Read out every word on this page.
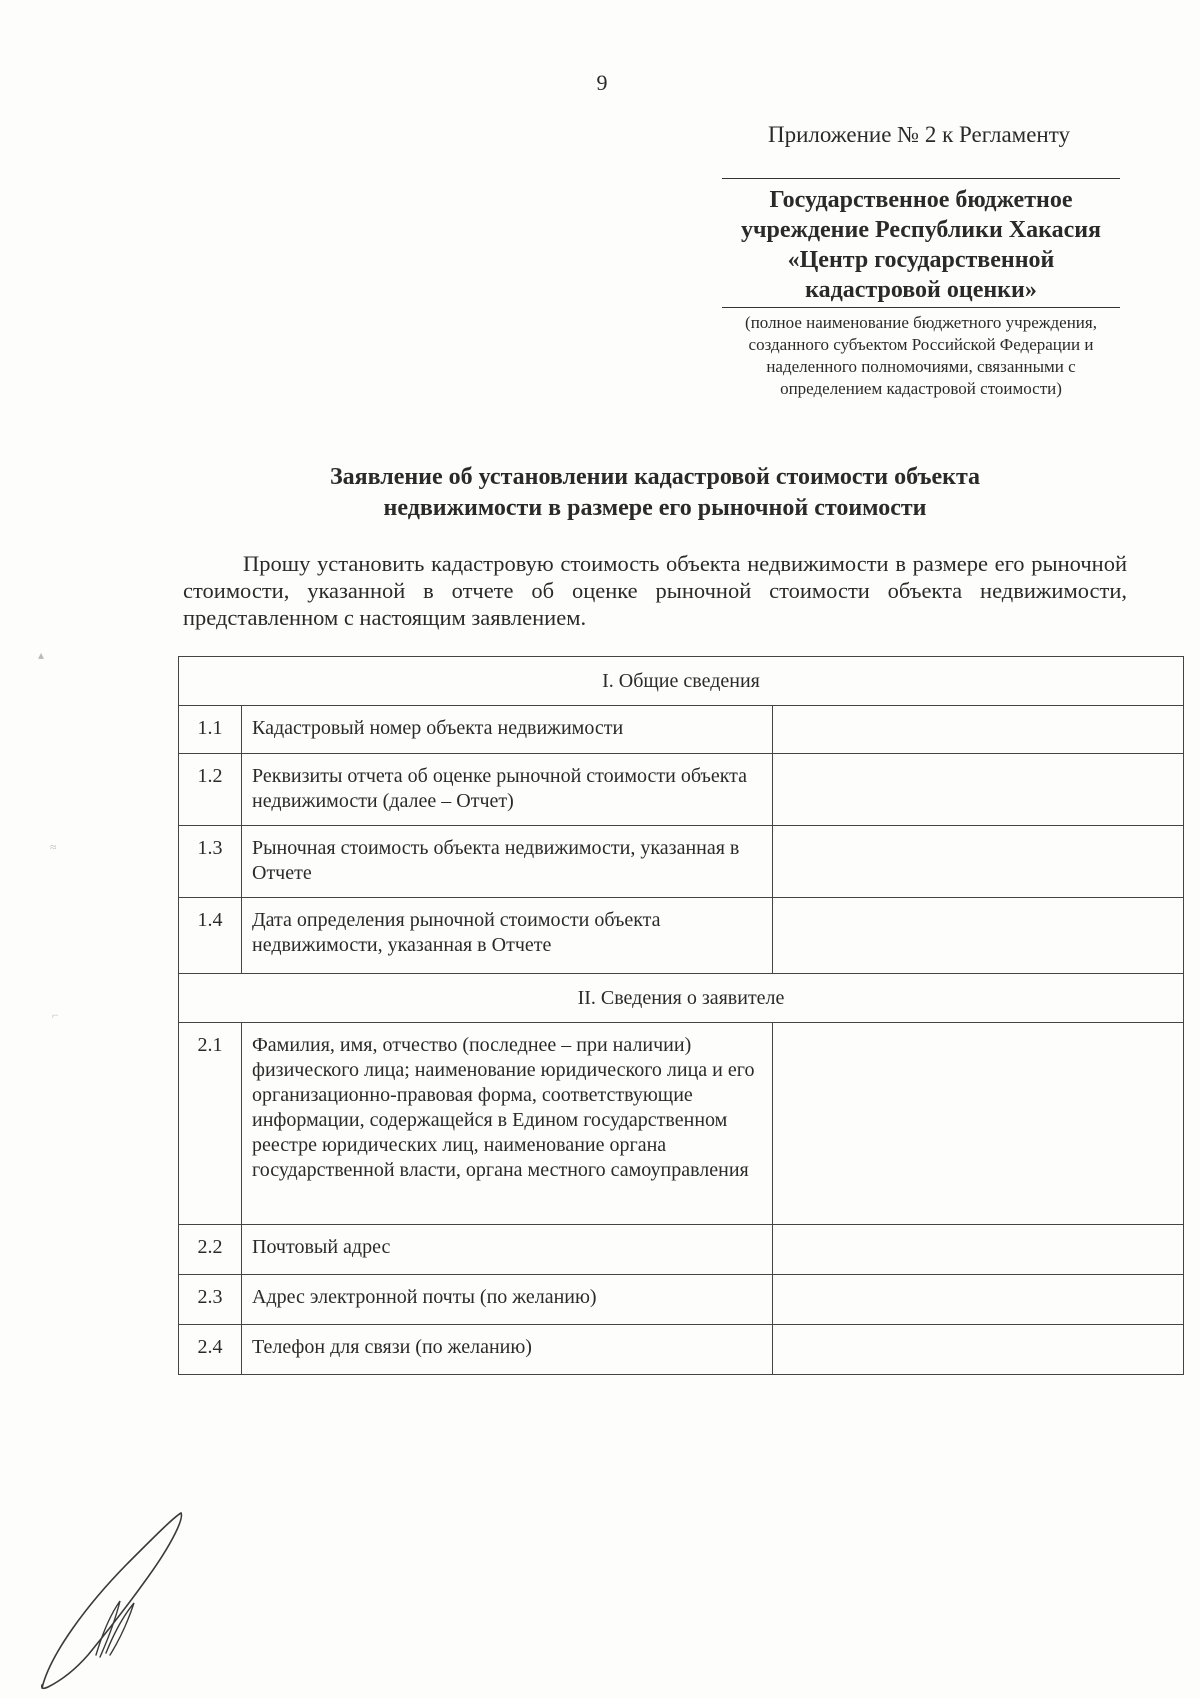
9
Приложение № 2 к Регламенту
Государственное бюджетное учреждение Республики Хакасия «Центр государственной кадастровой оценки»
(полное наименование бюджетного учреждения, созданного субъектом Российской Федерации и наделенного полномочиями, связанными с определением кадастровой стоимости)
Заявление об установлении кадастровой стоимости объекта
недвижимости в размере его рыночной стоимости
Прошу установить кадастровую стоимость объекта недвижимости в размере его рыночной стоимости, указанной в отчете об оценке рыночной стоимости объекта недвижимости, представленном с настоящим заявлением.
I. Общие сведения		
1.1	Кадастровый номер объекта недвижимости	
1.2	Реквизиты отчета об оценке рыночной стоимости объекта недвижимости (далее – Отчет)	
1.3	Рыночная стоимость объекта недвижимости, указанная в Отчете	
1.4	Дата определения рыночной стоимости объекта недвижимости, указанная в Отчете	
II. Сведения о заявителе		
2.1	Фамилия, имя, отчество (последнее – при наличии) физического лица; наименование юридического лица и его организационно-правовая форма, соответствующие информации, содержащейся в Едином государственном реестре юридических лиц, наименование органа государственной власти, органа местного самоуправления	
2.2	Почтовый адрес	
2.3	Адрес электронной почты (по желанию)	
2.4	Телефон для связи (по желанию)	
▴
≈
⌐
